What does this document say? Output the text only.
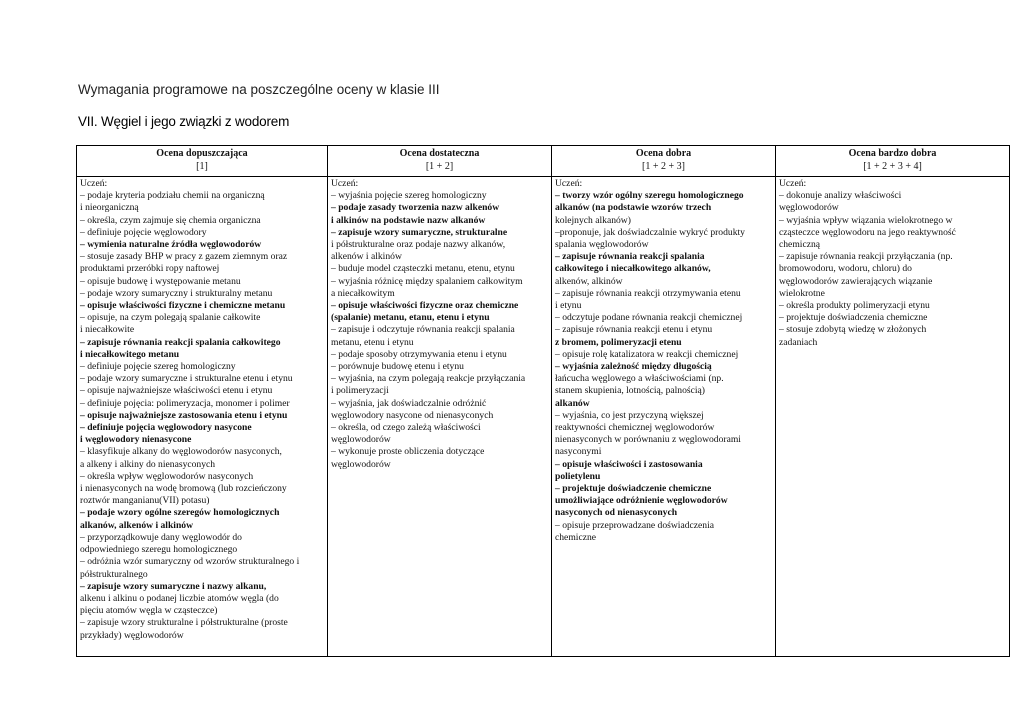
Wymagania programowe na poszczególne oceny w klasie III
VII. Węgiel i jego związki z wodorem
Ocena dopuszczająca
[1]
Uczeń:
– podaje kryteria podziału chemii na organiczną
i nieorganiczną
– określa, czym zajmuje się chemia organiczna
– definiuje pojęcie węglowodory
– wymienia naturalne źródła węglowodorów
– stosuje zasady BHP w pracy z gazem ziemnym oraz
produktami przeróbki ropy naftowej
– opisuje budowę i występowanie metanu
– podaje wzory sumaryczny i strukturalny metanu
– opisuje właściwości fizyczne i chemiczne metanu
– opisuje, na czym polegają spalanie całkowite
i niecałkowite
– zapisuje równania reakcji spalania całkowitego
i niecałkowitego metanu
– definiuje pojęcie szereg homologiczny
– podaje wzory sumaryczne i strukturalne etenu i etynu
– opisuje najważniejsze właściwości etenu i etynu
– definiuje pojęcia: polimeryzacja, monomer i polimer
– opisuje najważniejsze zastosowania etenu i etynu
– definiuje pojęcia węglowodory nasycone
i węglowodory nienasycone
– klasyfikuje alkany do węglowodorów nasyconych,
a alkeny i alkiny do nienasyconych
– określa wpływ węglowodorów nasyconych
i nienasyconych na wodę bromową (lub rozcieńczony
roztwór manganianu(VII) potasu)
– podaje wzory ogólne szeregów homologicznych
alkanów, alkenów i alkinów
– przyporządkowuje dany węglowodór do
odpowiedniego szeregu homologicznego
– odróżnia wzór sumaryczny od wzorów strukturalnego i
półstrukturalnego
– zapisuje wzory sumaryczne i nazwy alkanu,
alkenu i alkinu o podanej liczbie atomów węgla (do
pięciu atomów węgla w cząsteczce)
– zapisuje wzory strukturalne i półstrukturalne (proste
przykłady) węglowodorów
Ocena dostateczna
[1 + 2]
Uczeń:
– wyjaśnia pojęcie szereg homologiczny
– podaje zasady tworzenia nazw alkenów
i alkinów na podstawie nazw alkanów
– zapisuje wzory sumaryczne, strukturalne
i półstrukturalne oraz podaje nazwy alkanów,
alkenów i alkinów
– buduje model cząsteczki metanu, etenu, etynu
– wyjaśnia różnicę między spalaniem całkowitym
a niecałkowitym
– opisuje właściwości fizyczne oraz chemiczne
(spalanie) metanu, etanu, etenu i etynu
– zapisuje i odczytuje równania reakcji spalania
metanu, etenu i etynu
– podaje sposoby otrzymywania etenu i etynu
– porównuje budowę etenu i etynu
– wyjaśnia, na czym polegają reakcje przyłączania
i polimeryzacji
– wyjaśnia, jak doświadczalnie odróżnić
węglowodory nasycone od nienasyconych
– określa, od czego zależą właściwości
węglowodorów
– wykonuje proste obliczenia dotyczące
węglowodorów
Ocena dobra
[1 + 2 + 3]
Uczeń:
– tworzy wzór ogólny szeregu homologicznego
alkanów (na podstawie wzorów trzech
kolejnych alkanów)
–proponuje, jak doświadczalnie wykryć produkty
spalania węglowodorów
– zapisuje równania reakcji spalania
całkowitego i niecałkowitego alkanów,
alkenów, alkinów
– zapisuje równania reakcji otrzymywania etenu
i etynu
– odczytuje podane równania reakcji chemicznej
– zapisuje równania reakcji etenu i etynu
z bromem, polimeryzacji etenu
– opisuje rolę katalizatora w reakcji chemicznej
– wyjaśnia zależność między długością
łańcucha węglowego a właściwościami (np.
stanem skupienia, lotnością, palnością)
alkanów
– wyjaśnia, co jest przyczyną większej
reaktywności chemicznej węglowodorów
nienasyconych w porównaniu z węglowodorami
nasyconymi
– opisuje właściwości i zastosowania
polietylenu
– projektuje doświadczenie chemiczne
umożliwiające odróżnienie węglowodorów
nasyconych od nienasyconych
– opisuje przeprowadzane doświadczenia
chemiczne
Ocena bardzo dobra
[1 + 2 + 3 + 4]
Uczeń:
– dokonuje analizy właściwości
węglowodorów
– wyjaśnia wpływ wiązania wielokrotnego w
cząsteczce węglowodoru na jego reaktywność
chemiczną
– zapisuje równania reakcji przyłączania (np.
bromowodoru, wodoru, chloru) do
węglowodorów zawierających wiązanie
wielokrotne
– określa produkty polimeryzacji etynu
– projektuje doświadczenia chemiczne
– stosuje zdobytą wiedzę w złożonych
zadaniach
